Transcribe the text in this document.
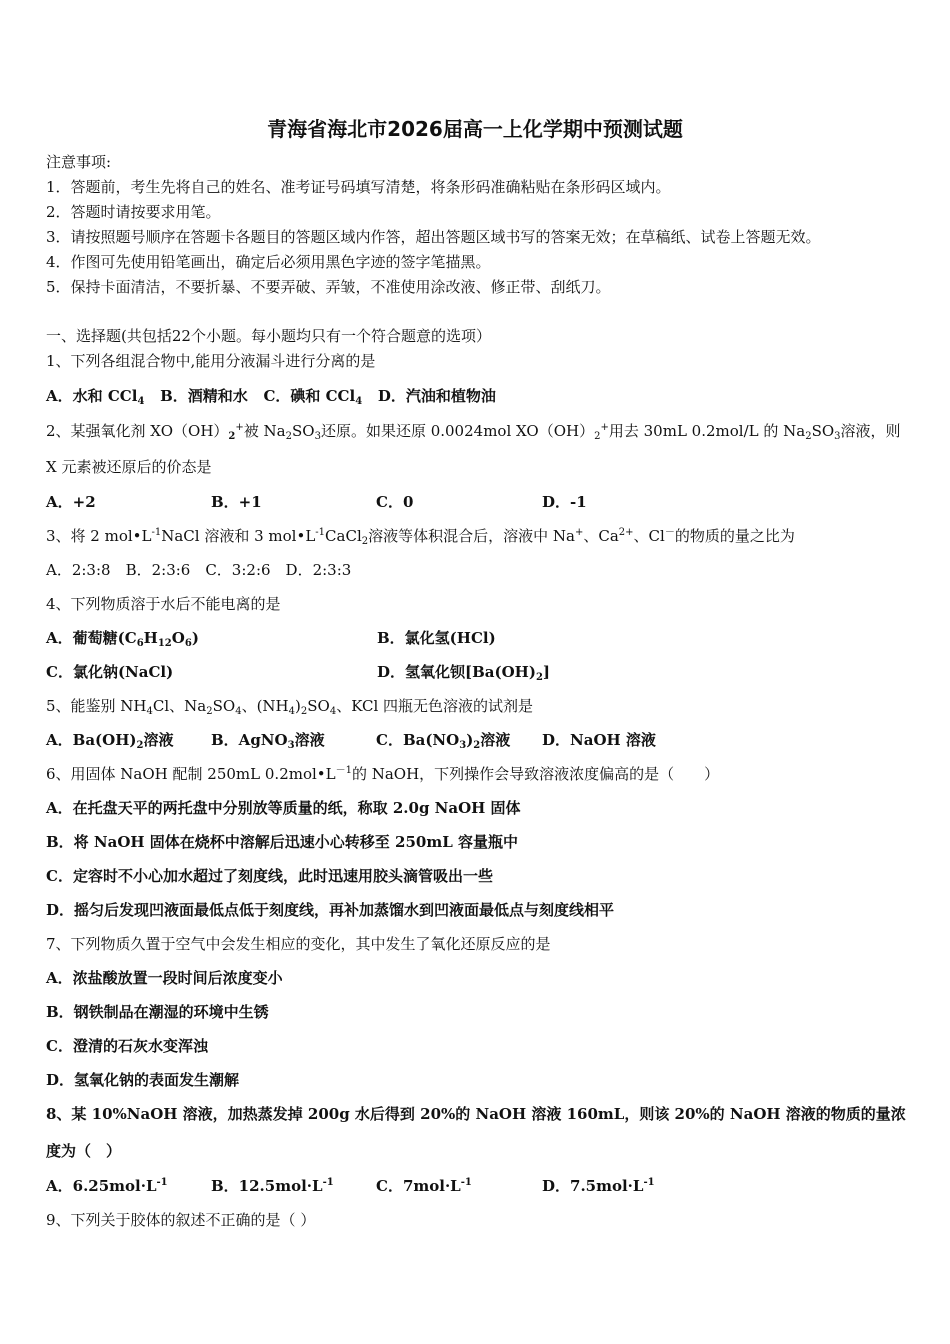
青海省海北市2026届高一上化学期中预测试题
注意事项:
1．答题前，考生先将自己的姓名、准考证号码填写清楚，将条形码准确粘贴在条形码区域内。
2．答题时请按要求用笔。
3．请按照题号顺序在答题卡各题目的答题区域内作答，超出答题区域书写的答案无效；在草稿纸、试卷上答题无效。
4．作图可先使用铅笔画出，确定后必须用黑色字迹的签字笔描黑。
5．保持卡面清洁，不要折暴、不要弄破、弄皱，不准使用涂改液、修正带、刮纸刀。
一、选择题(共包括22个小题。每小题均只有一个符合题意的选项）
1、下列各组混合物中,能用分液漏斗进行分离的是
A．水和 CCl$_4$ B．酒精和水 C．碘和 CCl$_4$ D．汽油和植物油
2、某强氧化剂 $XO(OH)_2^+$被 $Na_2SO_3$还原。如果还原 0.0024mol $XO(OH)_2^+$用去 30mL 0.2mol/L 的 $Na_2SO_3$溶液，则
X 元素被还原后的价态是
A．+2	B．+1	C．0	D．-1
3、将 2 $mol•L^{-1}NaCl$ 溶液和 3 $mol•L^{-1}CaCl_2$溶液等体积混合后，溶液中 Na+、$Ca^{2+}$、Cl－的物质的量之比为
A．2:3:8　B．2:3:6　C．3:2:6　D．2:3:3
4、下列物质溶于水后不能电离的是
A．葡萄糖$(C_6H_{12}O_6)$	B．氯化氢(HCl)
C．氯化钠(NaCl)	D．氢氧化钡$[Ba(OH)_2]$
5、能鉴别 $NH_4Cl$、$Na_2SO_4$、$(NH_4)_2SO_4$、KCl 四瓶无色溶液的试剂是
A．$Ba(OH)_2$溶液	B．AgNO$_3$溶液	C．$Ba(NO_3)_2$溶液 D．NaOH 溶液
6、用固体 NaOH 配制 250mL $0.2mol•L^{-1}$的 NaOH，下列操作会导致溶液浓度偏高的是（　　）
A．在托盘天平的两托盘中分别放等质量的纸，称取 2.0g NaOH 固体
B．将 NaOH 固体在烧杯中溶解后迅速小心转移至 250mL 容量瓶中
C．定容时不小心加水超过了刻度线，此时迅速用胶头滴管吸出一些
D．摇匀后发现凹液面最低点低于刻度线，再补加蒸馏水到凹液面最低点与刻度线相平
7、下列物质久置于空气中会发生相应的变化，其中发生了氧化还原反应的是
A．浓盐酸放置一段时间后浓度变小
B．钢铁制品在潮湿的环境中生锈
C．澄清的石灰水变浑浊
D．氢氧化钠的表面发生潮解
8、某 10%NaOH 溶液，加热蒸发掉 200g 水后得到 20%的 NaOH 溶液 160mL，则该 20%的 NaOH 溶液的物质的量浓
度为（　）
A．$6.25mol\cdot L^{-1}$	B．$12.5mol\cdot L^{-1}$	C．$7mol\cdot L^{-1}$	D．$7.5mol\cdot L^{-1}$
9、下列关于胶体的叙述不正确的是（ ）
